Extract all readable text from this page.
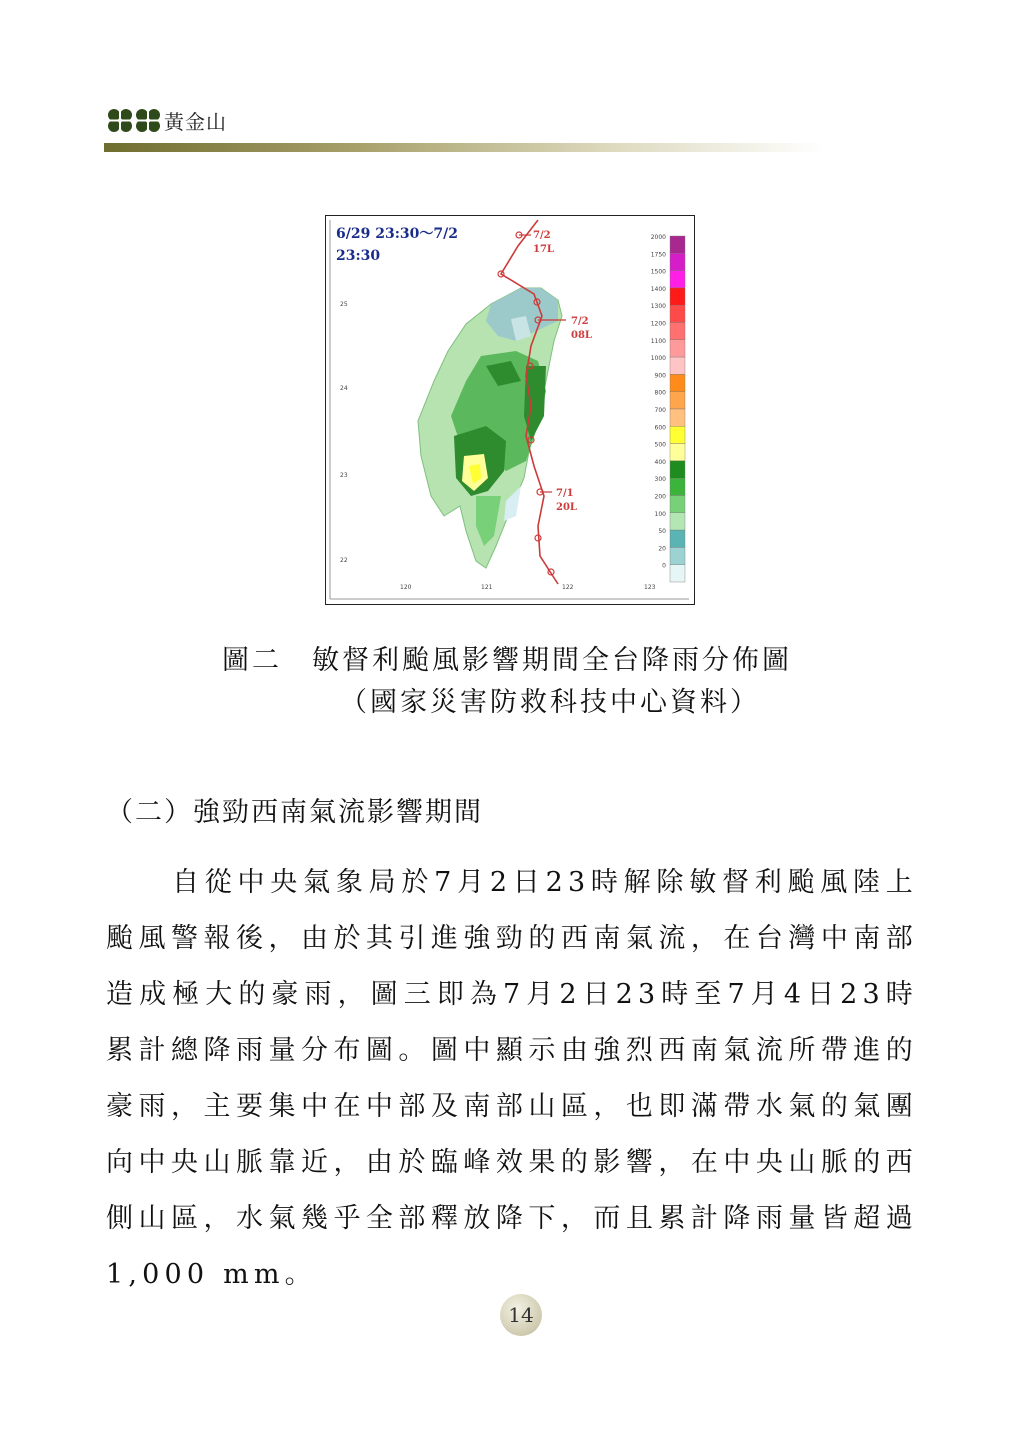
黃金山
6/29 23:30～7/2
23:30
7/2
17L
7/2
08L
7/1
20L
25
24
23
22
120	121	122	123
2000
1750
1500
1400
1300
1200
1100
1000
900
800
700
600
500
400
300
200
100
50
20
0
圖二　敏督利颱風影響期間全台降雨分佈圖
（國家災害防救科技中心資料）
（二）強勁西南氣流影響期間
自從中央氣象局於7月2日23時解除敏督利颱風陸上颱風警報後，由於其引進強勁的西南氣流，在台灣中南部造成極大的豪雨，圖三即為7月2日23時至7月4日23時累計總降雨量分布圖。圖中顯示由強烈西南氣流所帶進的豪雨，主要集中在中部及南部山區，也即滿帶水氣的氣團向中央山脈靠近，由於臨峰效果的影響，在中央山脈的西側山區，水氣幾乎全部釋放降下，而且累計降雨量皆超過1,000 mm。
14
